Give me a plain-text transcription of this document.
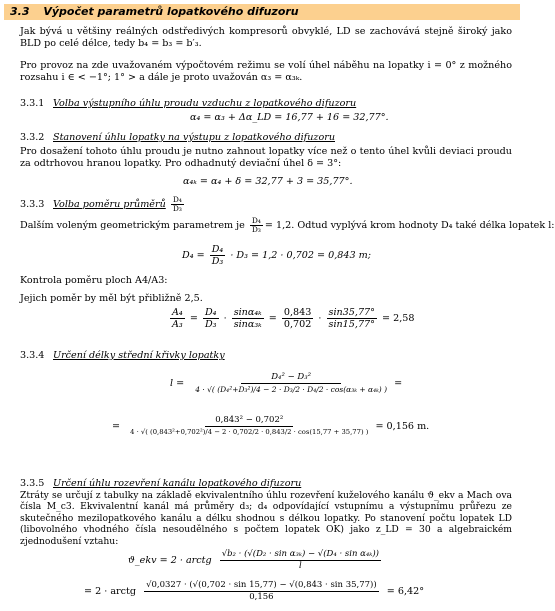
3.3 Výpočet parametrů lopatkového difuzoru
Jak bývá u většiny reálných odstředivých kompresorů obvyklé, LD se zachovává stejně široký jako BLD po celé délce, tedy b₄ = b₃ = b′₃.
Pro provoz na zde uvažovaném výpočtovém režimu se volí úhel náběhu na lopatky i = 0° z možného rozsahu i ∈ < −1°; 1° > a dále je proto uvažován α₃ = α₃ₖ.
3.3.1 Volba výstupního úhlu proudu vzduchu z lopatkového difuzoru
α₄ = α₃ + Δα_LD = 16,77 + 16 = 32,77°.
3.3.2 Stanovení úhlu lopatky na výstupu z lopatkového difuzoru
Pro dosažení tohoto úhlu proudu je nutno zahnout lopatky více než o tento úhel kvůli deviaci proudu za odtrhovou hranou lopatky. Pro odhadnutý deviační úhel δ = 3°:
α₄ₖ = α₄ + δ = 32,77 + 3 = 35,77°.
3.3.3 Volba poměru průměrů $\frac{\text{D₄}}{\text{D₃}}$
Dalším voleným geometrickým parametrem je $\frac{\text{D₄}}{\text{D₃}} = 1,2$. Odtud vyplývá krom hodnoty D₄ také délka lopatek l:
$D_4 = \frac{\text{D₄}}{\text{D₃}} \cdot D_3 = 1,2 \cdot 0,702 = 0,843$ m;
Kontrola poměru ploch A4/A3:
Jejich poměr by měl být přibližně 2,5.
$\frac{\text{A₄}}{\text{A₃}} = \frac{\text{D₄}}{\text{D₃}} \cdot \frac{\text{sinα₄ₖ}}{\text{sinα₃ₖ}} = \frac{0,843}{0,702} \cdot \frac{\sin 35,77^\circ}{\sin 15,77^\circ} = 2,58$
3.3.4 Určení délky střední křivky lopatky
$l = \frac{\text{D₄² − D₃²}}{\text{4 · √( (D₄²+D₃²)/4 − 2 · D₃/2 · D₄/2 · cos(α₃ₖ + α₄ₖ) )}}$ =
=
0,843² − 0,702²
4 · √( (0,843²+0,702²)/4 − 2 · 0,702/2 · 0,843/2 · cos(15,77 + 35,77) )
= 0,156 m.
3.3.5 Určení úhlu rozevření kanálu lopatkového difuzoru
Ztráty se určují z tabulky na základě ekvivalentního úhlu rozevření kuželového kanálu ϑ_ekv a Mach ova čísla M_c3. Ekvivalentní kanál má průměry d₃; d₄ odpovídající vstupnímu a výstupnímu průřezu ze skutečného mezilopatkového kanálu a délku shodnou s délkou lopatky. Po stanovení počtu lopatek LD (libovolného vhodného čísla nesoudělného s počtem lopatek OK) jako z_LD = 30 a algebraickém zjednodušení vztahu:
ϑ_ekv = 2 · arctg $\frac{\text{√b₂ · (√(D₂ · sin α₃ₖ) − √(D₄ · sin α₄ₖ))}}{l}$
= 2 · arctg $\frac{√0,0327 \cdot (√(0,702 \cdot \sin 15,77) - √(0,843 \cdot \sin 35,77))}{0,156} = 6,42^\circ$
